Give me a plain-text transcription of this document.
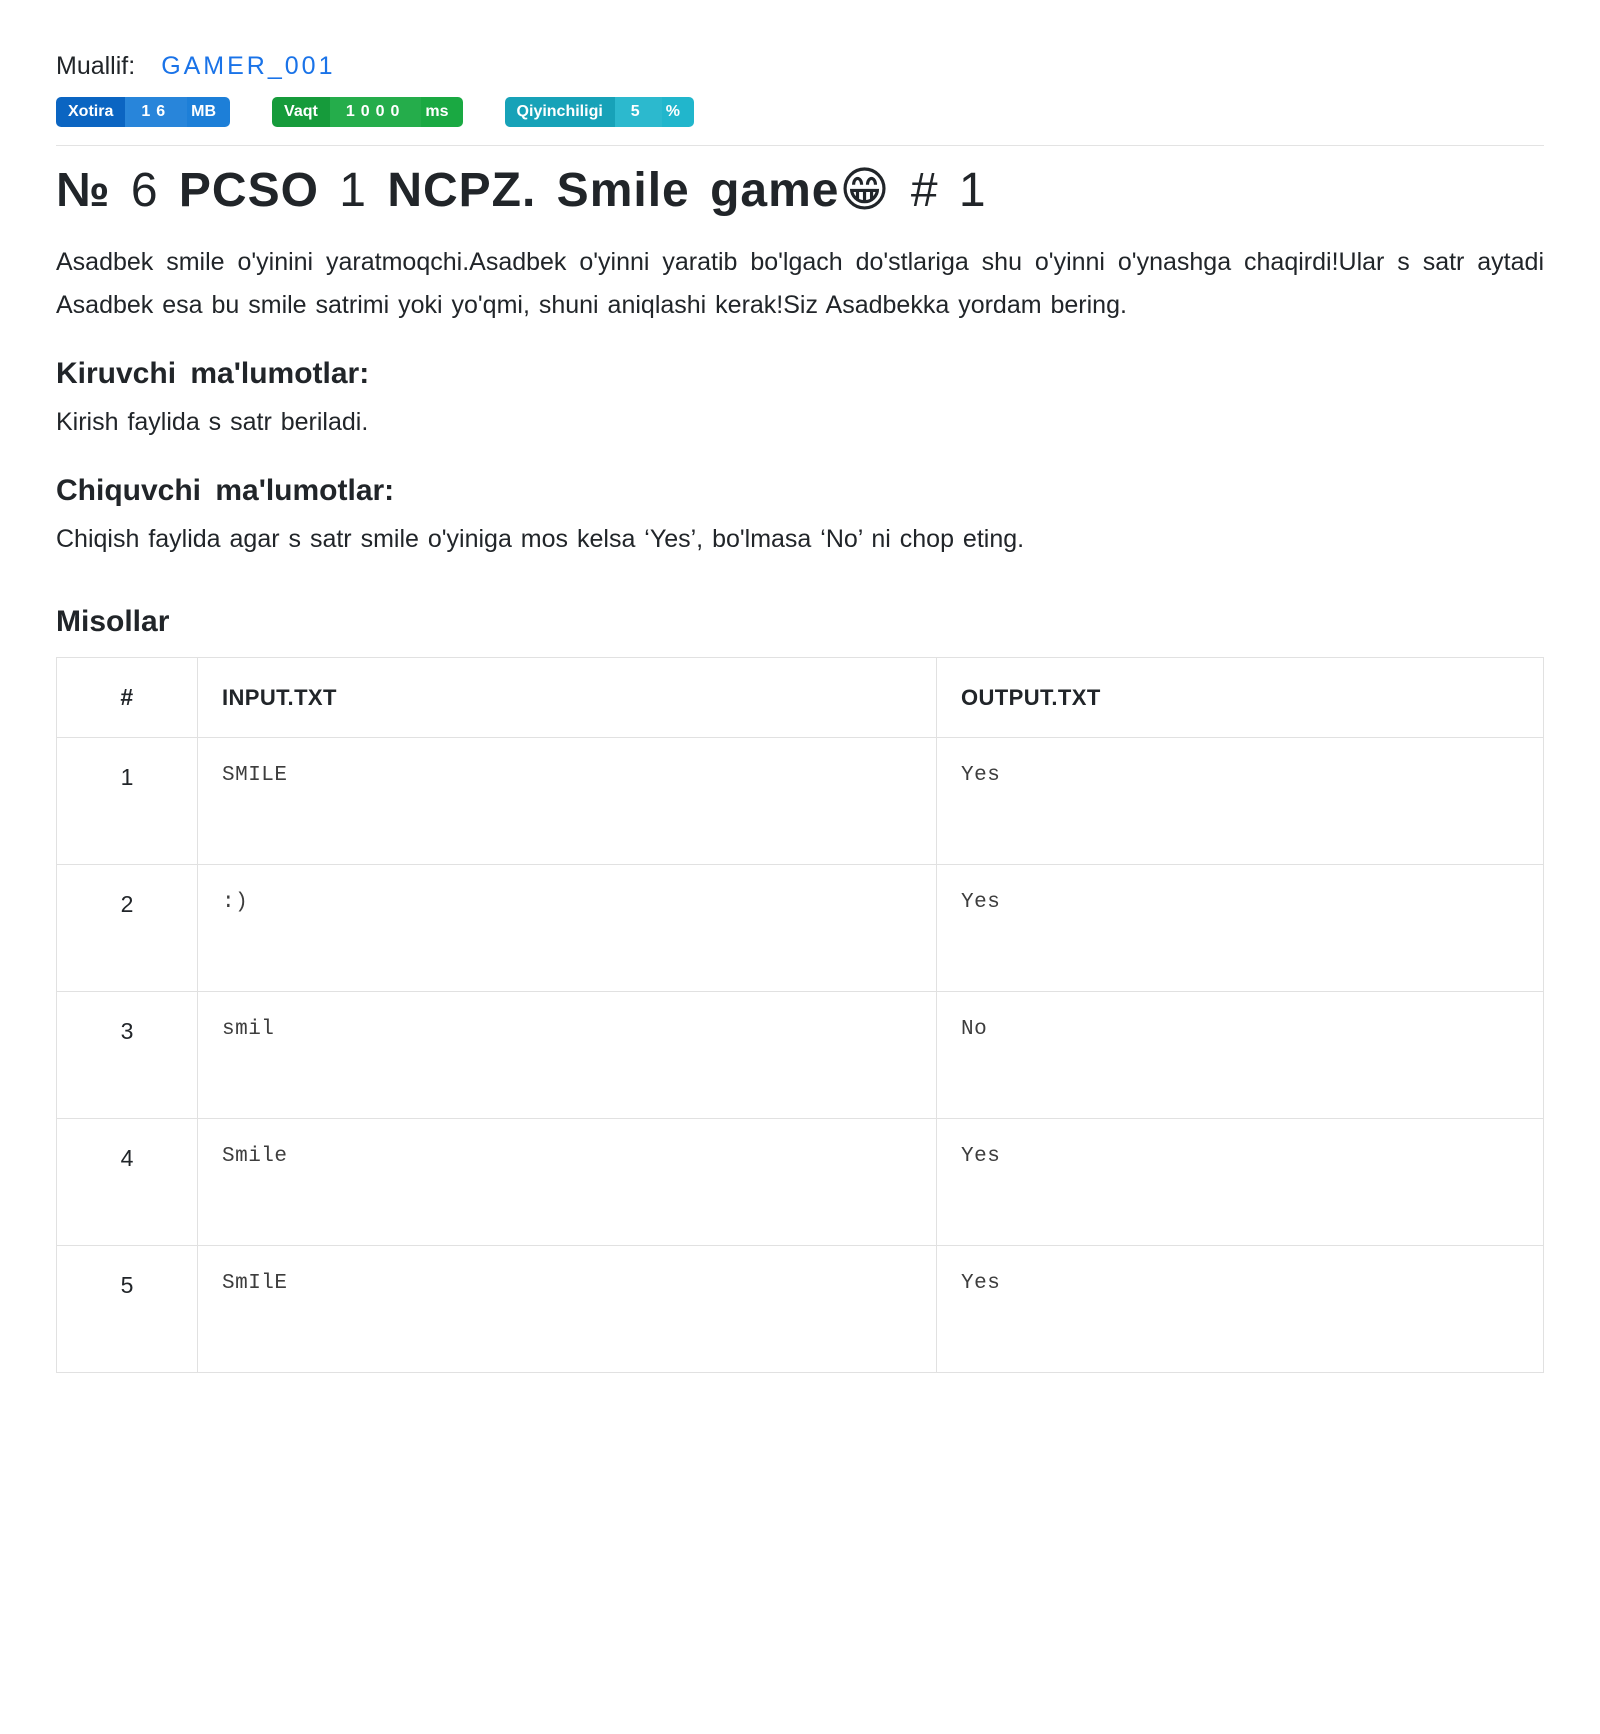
Muallif: GAMER_001
Xotira	16	MB	Vaqt	1000	ms	Qiyinchiligi	5	%
№ 6 PCSO 1 NCPZ. Smile game😁 # 1

Asadbek smile o'yinini yaratmoqchi.Asadbek o'yinni yaratib bo'lgach do'stlariga shu o'yinni o'ynashga chaqirdi!Ular s satr aytadi Asadbek esa bu smile satrimi yoki yo'qmi, shuni aniqlashi kerak!Siz Asadbekka yordam bering.

Kiruvchi ma'lumotlar:

Kirish faylida s satr beriladi.

Chiquvchi ma'lumotlar:

Chiqish faylida agar s satr smile o'yiniga mos kelsa ‘Yes’, bo'lmasa ‘No’ ni chop eting.

Misollar
#	INPUT.TXT	OUTPUT.TXT
1	SMILE	Yes
2	:)	Yes
3	smil	No
4	Smile	Yes
5	SmIlE	Yes
